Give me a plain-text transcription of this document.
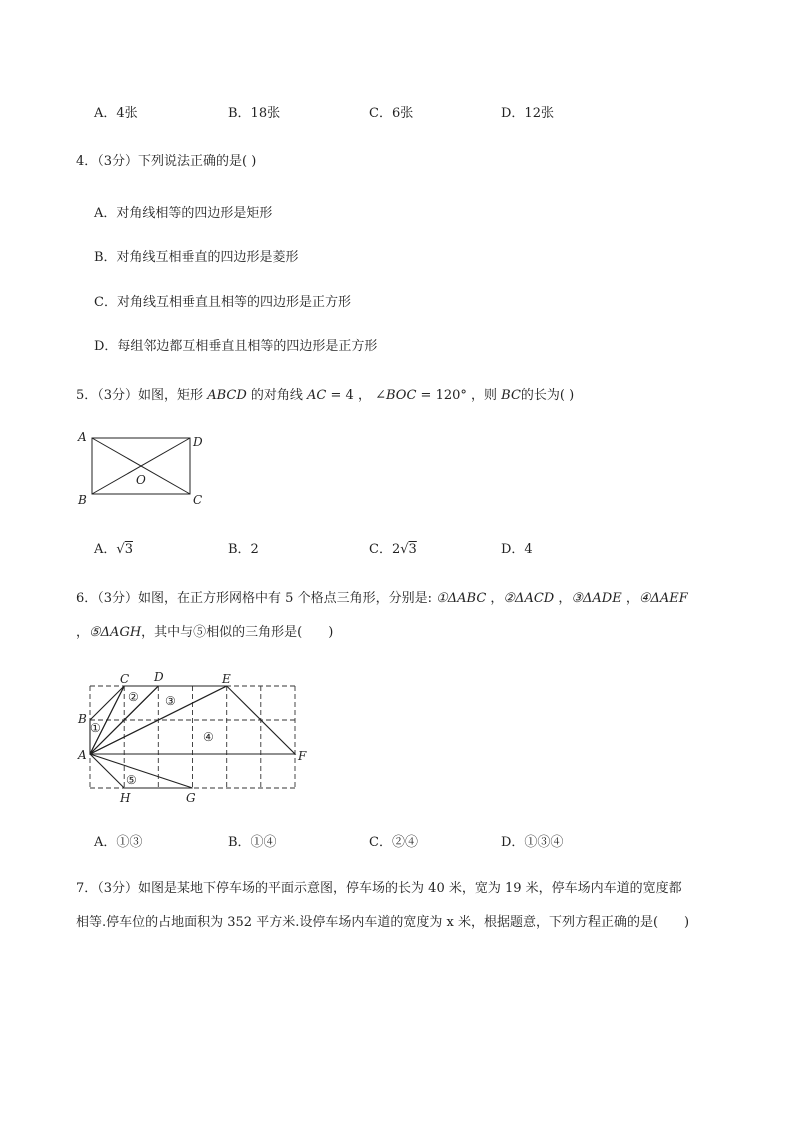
A．4张	B．18张	C．6张	D．12张
4．（3分）下列说法正确的是( )
A．对角线相等的四边形是矩形
B．对角线互相垂直的四边形是菱形
C．对角线互相垂直且相等的四边形是正方形
D．每组邻边都互相垂直且相等的四边形是正方形
5．（3分）如图，矩形 ABCD 的对角线 AC = 4 ， ∠BOC = 120° ，则 BC的长为( )
A	D
B	C
O
A．√3	B．2	C．2√3	D．4
6．（3分）如图，在正方形网格中有 5 个格点三角形，分别是: ①ΔABC ，②ΔACD ，③ΔADE ，④ΔAEF
，⑤ΔAGH，其中与⑤相似的三角形是(　　)
A
B
C D	E
F
G
H
①
② ③
④
⑤
A．①③	B．①④	C．②④	D．①③④
7．（3分）如图是某地下停车场的平面示意图，停车场的长为 40 米，宽为 19 米，停车场内车道的宽度都
相等.停车位的占地面积为 352 平方米.设停车场内车道的宽度为 x 米，根据题意，下列方程正确的是(　　)
